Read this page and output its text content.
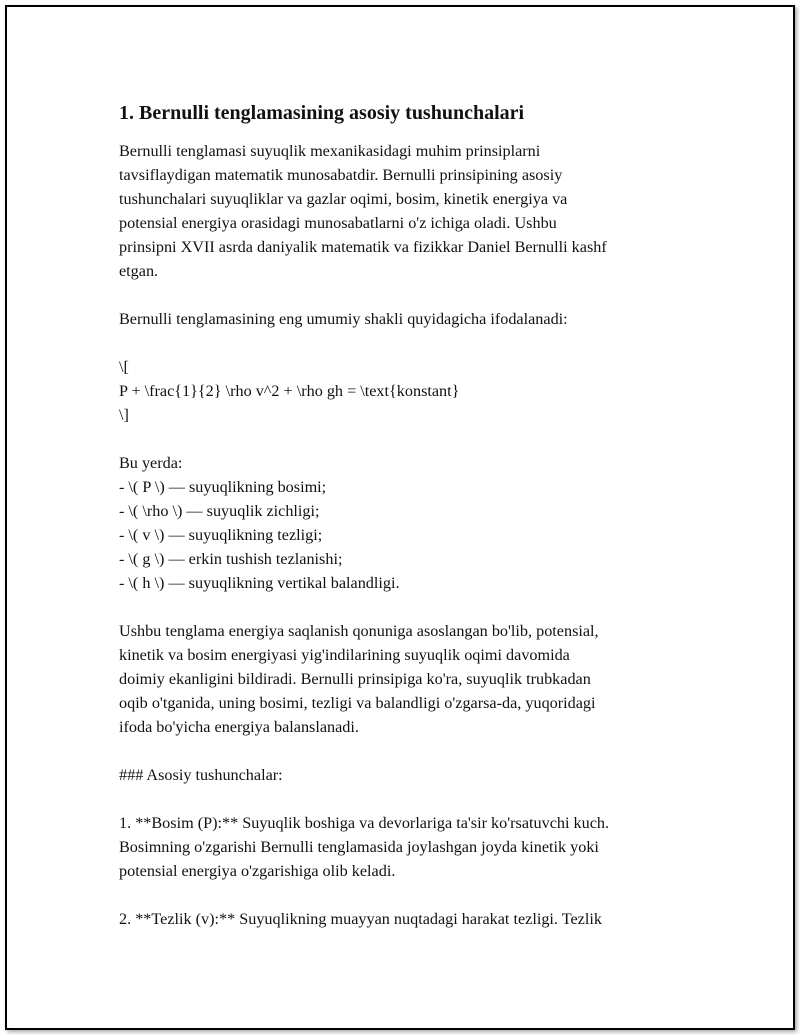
1. Bernulli tenglamasining asosiy tushunchalari
Bernulli tenglamasi suyuqlik mexanikasidagi muhim prinsiplarni
tavsiflaydigan matematik munosabatdir. Bernulli prinsipining asosiy
tushunchalari suyuqliklar va gazlar oqimi, bosim, kinetik energiya va
potensial energiya orasidagi munosabatlarni o'z ichiga oladi. Ushbu
prinsipni XVII asrda daniyalik matematik va fizikkar Daniel Bernulli kashf
etgan.
Bernulli tenglamasining eng umumiy shakli quyidagicha ifodalanadi:
\[
P + \frac{1}{2} \rho v^2 + \rho gh = \text{konstant}
\]
Bu yerda:
- \( P \) — suyuqlikning bosimi;
- \( \rho \) — suyuqlik zichligi;
- \( v \) — suyuqlikning tezligi;
- \( g \) — erkin tushish tezlanishi;
- \( h \) — suyuqlikning vertikal balandligi.
Ushbu tenglama energiya saqlanish qonuniga asoslangan bo'lib, potensial,
kinetik va bosim energiyasi yig'indilarining suyuqlik oqimi davomida
doimiy ekanligini bildiradi. Bernulli prinsipiga ko'ra, suyuqlik trubkadan
oqib o'tganida, uning bosimi, tezligi va balandligi o'zgarsa-da, yuqoridagi
ifoda bo'yicha energiya balanslanadi.
### Asosiy tushunchalar:
1. **Bosim (P):** Suyuqlik boshiga va devorlariga ta'sir ko'rsatuvchi kuch.
Bosimning o'zgarishi Bernulli tenglamasida joylashgan joyda kinetik yoki
potensial energiya o'zgarishiga olib keladi.
2. **Tezlik (v):** Suyuqlikning muayyan nuqtadagi harakat tezligi. Tezlik
